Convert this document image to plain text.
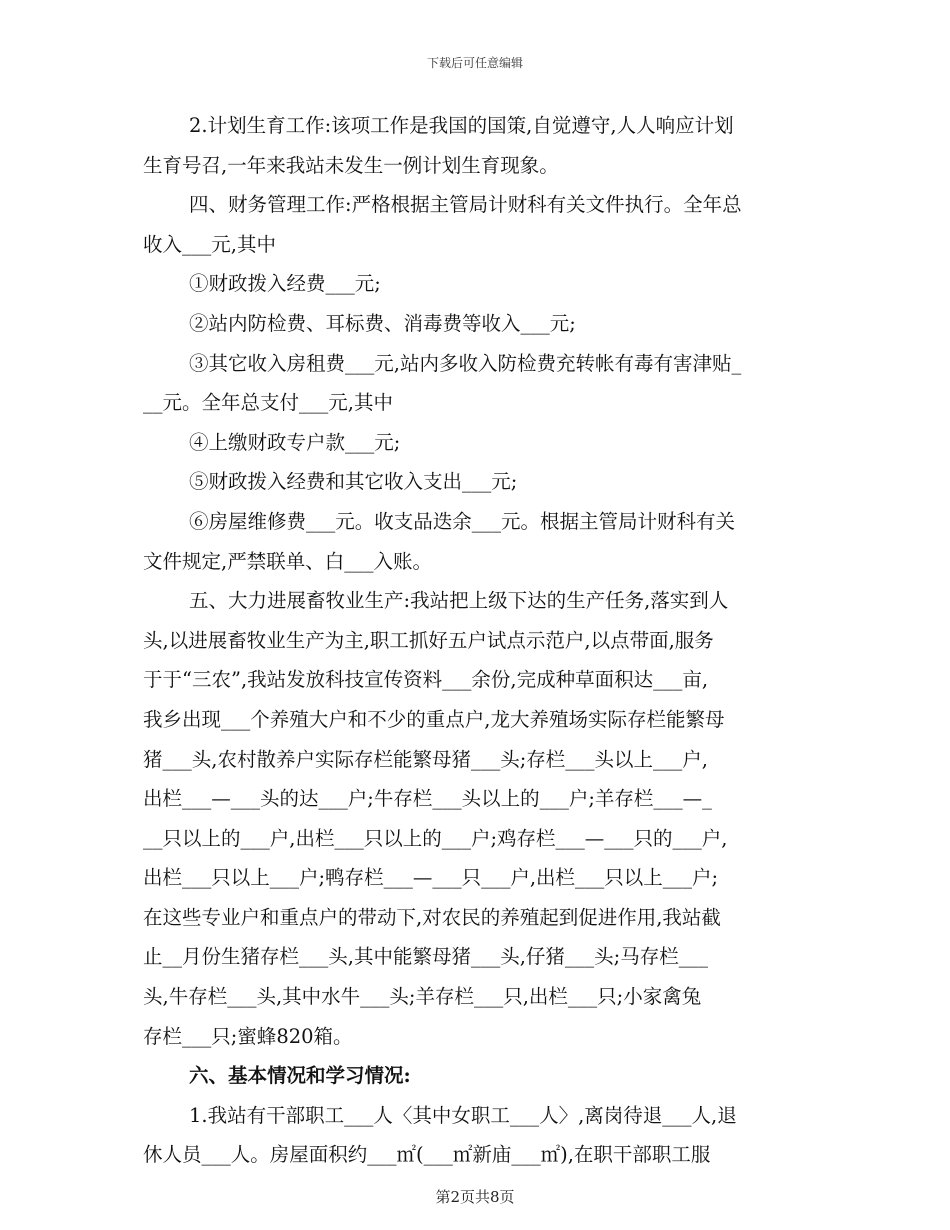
下载后可任意编辑
2.计划生育工作:该项工作是我国的国策,自觉遵守,人人响应计划
生育号召,一年来我站未发生一例计划生育现象。
四、财务管理工作:严格根据主管局计财科有关文件执行。全年总
收入___元,其中
①财政拨入经费___元;
②站内防检费、耳标费、消毒费等收入___元;
③其它收入房租费___元,站内多收入防检费充转帐有毒有害津贴_
__元。全年总支付___元,其中
④上缴财政专户款___元;
⑤财政拨入经费和其它收入支出___元;
⑥房屋维修费___元。收支品迭余___元。根据主管局计财科有关
文件规定,严禁联单、白___入账。
五、大力进展畜牧业生产:我站把上级下达的生产任务,落实到人
头,以进展畜牧业生产为主,职工抓好五户试点示范户,以点带面,服务
于于“三农”,我站发放科技宣传资料___余份,完成种草面积达___亩,
我乡出现___个养殖大户和不少的重点户,龙大养殖场实际存栏能繁母
猪___头,农村散养户实际存栏能繁母猪___头;存栏___头以上___户,
出栏___—___头的达___户;牛存栏___头以上的___户;羊存栏___—_
__只以上的___户,出栏___只以上的___户;鸡存栏___—___只的___户,
出栏___只以上___户;鸭存栏___—___只___户,出栏___只以上___户;
在这些专业户和重点户的带动下,对农民的养殖起到促进作用,我站截
止__月份生猪存栏___头,其中能繁母猪___头,仔猪___头;马存栏___
头,牛存栏___头,其中水牛___头;羊存栏___只,出栏___只;小家禽兔
存栏___只;蜜蜂820箱。
六、基本情况和学习情况:
1.我站有干部职工___人〈其中女职工___人〉,离岗待退___人,退
休人员___人。房屋面积约___㎡(___㎡新庙___㎡),在职干部职工服
第2页共8页
